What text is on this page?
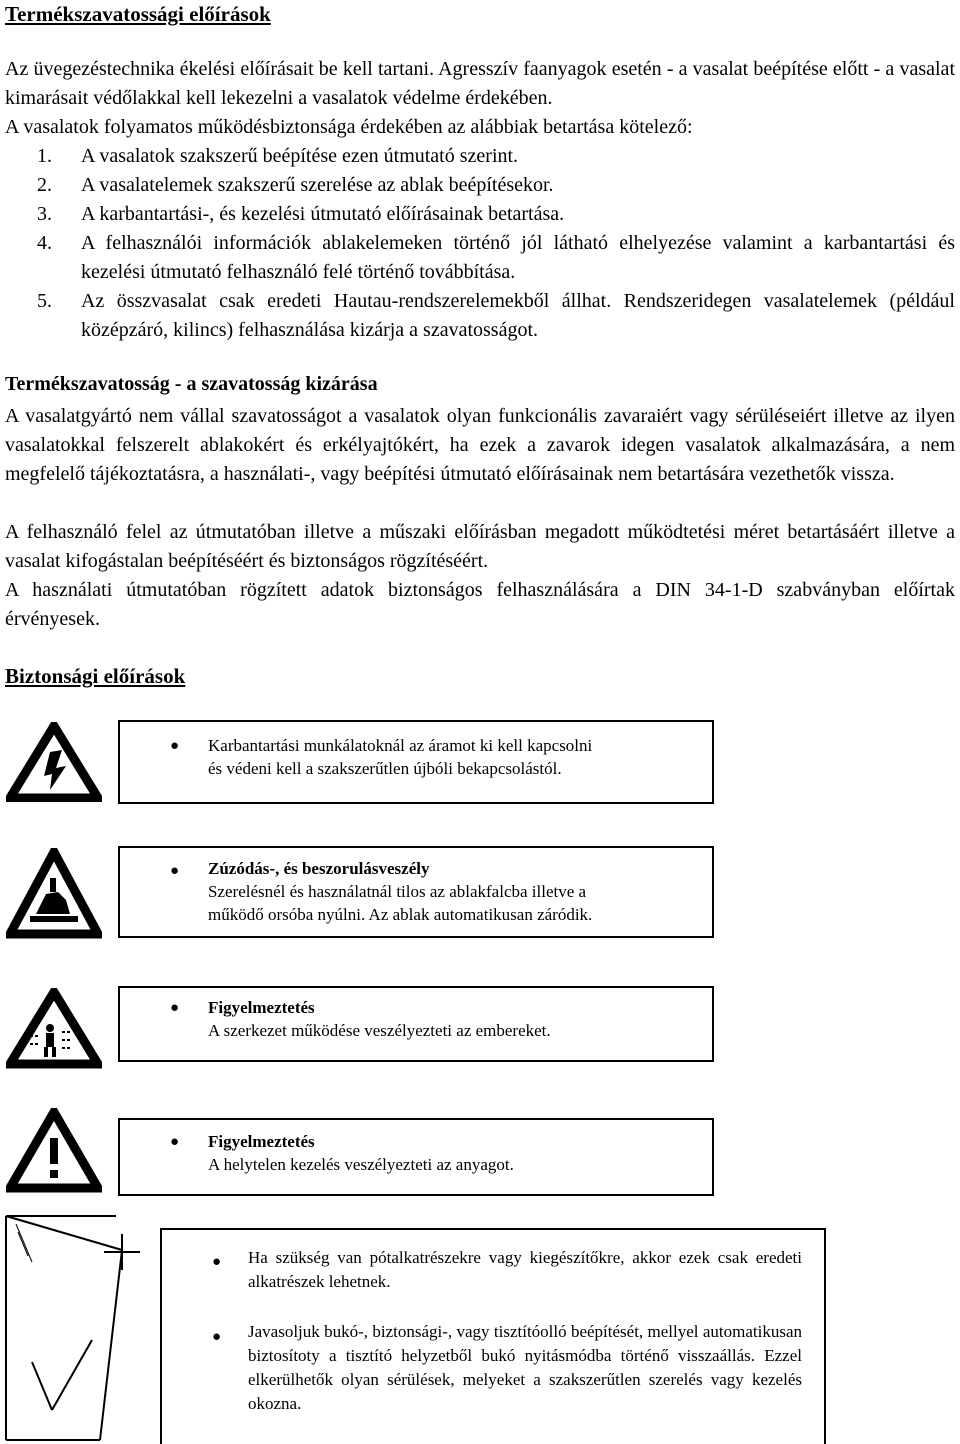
Termékszavatossági előírások
Az üvegezéstechnika ékelési előírásait be kell tartani. Agresszív faanyagok esetén - a vasalat beépítése előtt - a vasalat kimarásait védőlakkal kell lekezelni a vasalatok védelme érdekében.
A vasalatok folyamatos működésbiztonsága érdekében az alábbiak betartása kötelező:
1. A vasalatok szakszerű beépítése ezen útmutató szerint.
2. A vasalatelemek szakszerű szerelése az ablak beépítésekor.
3. A karbantartási-, és kezelési útmutató előírásainak betartása.
4. A felhasználói információk ablakelemeken történő jól látható elhelyezése valamint a karbantartási és kezelési útmutató felhasználó felé történő továbbítása.
5. Az összvasalat csak eredeti Hautau-rendszerelemekből állhat. Rendszeridegen vasalatelemek (például középzáró, kilincs) felhasználása kizárja a szavatosságot.
Termékszavatosság - a szavatosság kizárása
A vasalatgyártó nem vállal szavatosságot a vasalatok olyan funkcionális zavaraiért vagy sérüléseiért illetve az ilyen vasalatokkal felszerelt ablakokért és erkélyajtókért, ha ezek a zavarok idegen vasalatok alkalmazására, a nem megfelelő tájékoztatásra, a használati-, vagy beépítési útmutató előírásainak nem betartására vezethetők vissza.
A felhasználó felel az útmutatóban illetve a műszaki előírásban megadott működtetési méret betartásáért illetve a vasalat kifogástalan beépítéséért és biztonságos rögzítéséért.
A használati útmutatóban rögzített adatok biztonságos felhasználására a DIN 34-1-D szabványban előírtak érvényesek.
Biztonsági előírások
● Karbantartási munkálatoknál az áramot ki kell kapcsolni
és védeni kell a szakszerűtlen újbóli bekapcsolástól.
● Zúzódás-, és beszorulásveszély
Szerelésnél és használatnál tilos az ablakfalcba illetve a
működő orsóba nyúlni. Az ablak automatikusan záródik.
● Figyelmeztetés
A szerkezet működése veszélyezteti az embereket.
● Figyelmeztetés
A helytelen kezelés veszélyezteti az anyagot.
● Ha szükség van pótalkatrészekre vagy kiegészítőkre, akkor ezek csak eredeti alkatrészek lehetnek.
● Javasoljuk bukó-, biztonsági-, vagy tisztítóolló beépítését, mellyel automatikusan biztosítoty a tisztító helyzetből bukó nyitásmódba történő visszaállás. Ezzel elkerülhetők olyan sérülések, melyeket a szakszerűtlen szerelés vagy kezelés okozna.
